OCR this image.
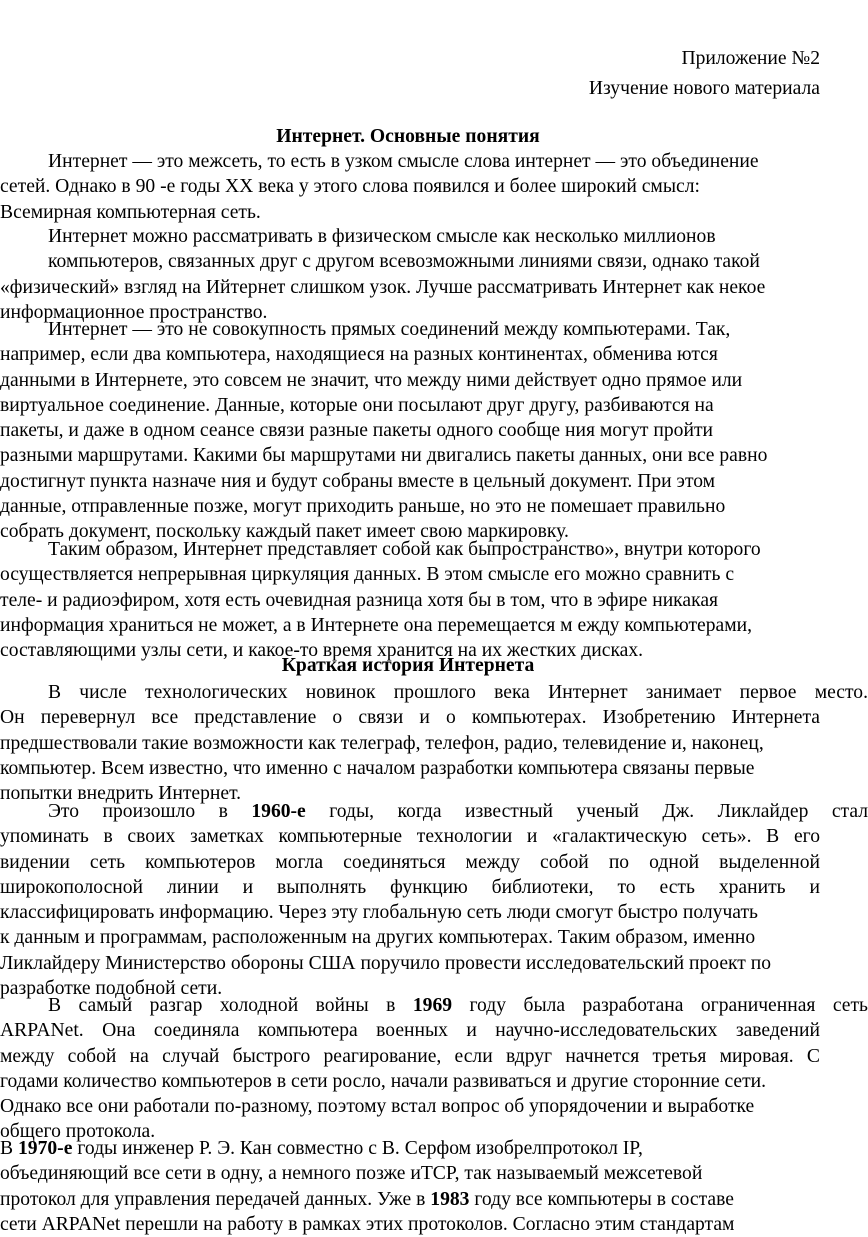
Приложение №2
Изучение нового материала
Интернет. Основные понятия
Интернет — это межсеть, то есть в узком смысле слова интернет — это объединение
сетей. Однако в 90 -е годы XX века у этого слова появился и более широкий смысл:
Всемирная компьютерная сеть.
Интернет можно рассматривать в физическом смысле как несколько миллионов
компьютеров, связанных друг с другом всевозможными линиями связи, однако такой
«физический» взгляд на Ийтернет слишком узок. Лучше рассматривать Интернет как некое
информационное пространство.
Интернет — это не совокупность прямых соединений между компьютерами. Так,
например, если два компьютера, находящиеся на разных континентах, обменива ются
данными в Интернете, это совсем не значит, что между ними действует одно прямое или
виртуальное соединение. Данные, которые они посылают друг другу, разбиваются на
пакеты, и даже в одном сеансе связи разные пакеты одного сообще ния могут пройти
разными маршрутами. Какими бы маршрутами ни двигались пакеты данных, они все равно
достигнут пункта назначе ния и будут собраны вместе в цельный документ. При этом
данные, отправленные позже, могут приходить раньше, но это не помешает правильно
собрать документ, поскольку каждый пакет имеет свою маркировку.
Таким образом, Интернет представляет собой как быпространство», внутри которого
осуществляется непрерывная циркуляция данных. В этом смысле его можно сравнить с
теле- и радиоэфиром, хотя есть очевидная разница хотя бы в том, что в эфире никакая
информация храниться не может, а в Интернете она перемещается м ежду компьютерами,
составляющими узлы сети, и какое-то время хранится на их жестких дисках.
Краткая история Интернета
В числе технологических новинок прошлого века Интернет занимает первое место.
Он перевернул все представление о связи и о компьютерах. Изобретению Интернета
предшествовали такие возможности как телеграф, телефон, радио, телевидение и, наконец,
компьютер. Всем известно, что именно с началом разработки компьютера связаны первые
попытки внедрить Интернет.
Это произошло в 1960-е годы, когда известный ученый Дж. Ликлайдер стал
упоминать в своих заметках компьютерные технологии и «галактическую сеть». В его
видении сеть компьютеров могла соединяться между собой по одной выделенной
широкополосной линии и выполнять функцию библиотеки, то есть хранить и
классифицировать информацию. Через эту глобальную сеть люди смогут быстро получать
к данным и программам, расположенным на других компьютерах. Таким образом, именно
Ликлайдеру Министерство обороны США поручило провести исследовательский проект по
разработке подобной сети.
В самый разгар холодной войны в 1969 году была разработана ограниченная сеть
ARPANet. Она соединяла компьютера военных и научно-исследовательских заведений
между собой на случай быстрого реагирование, если вдруг начнется третья мировая. С
годами количество компьютеров в сети росло, начали развиваться и другие сторонние сети.
Однако все они работали по-разному, поэтому встал вопрос об упорядочении и выработке
общего протокола.
В 1970-е годы инженер Р. Э. Кан совместно с В. Серфом изобрелпротокол IP,
объединяющий все сети в одну, а немного позже иTCP, так называемый межсетевой
протокол для управления передачей данных. Уже в 1983 году все компьютеры в составе
сети ARPANet перешли на работу в рамках этих протоколов. Согласно этим стандартам
